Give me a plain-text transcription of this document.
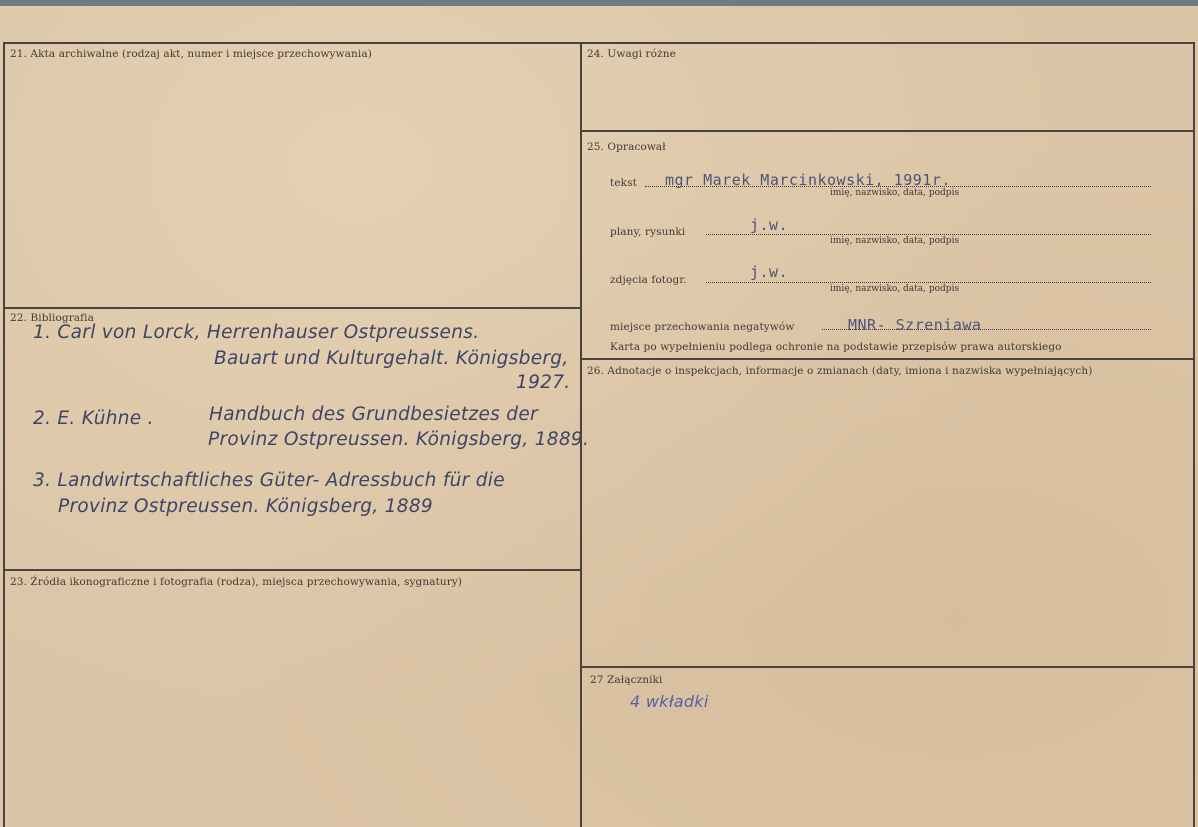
21. Akta archiwalne (rodzaj akt, numer i miejsce przechowywania)
22. Bibliografia
1. Carl von Lorck, Herrenhauser Ostpreussens.
Bauart und Kulturgehalt. Königsberg,
1927.
2. E. Kühne .	Handbuch des Grundbesietzes der
Provinz Ostpreussen. Königsberg, 1889.
3. Landwirtschaftliches Güter- Adressbuch für die
Provinz Ostpreussen. Königsberg, 1889
23. Źródła ikonograficzne i fotografia (rodza), miejsca przechowywania, sygnatury)
24. Uwagi różne
25. Opracował
tekst mgr Marek Marcinkowski, 1991r.
imię, nazwisko, data, podpis
plany, rysunki	j.w.
imię, nazwisko, data, podpis
zdjęcia fotogr.	j.w.
imię, nazwisko, data, podpis
miejsce przechowania negatywów	MNR- Szreniawa
Karta po wypełnieniu podlega ochronie na podstawie przepisów prawa autorskiego
26. Adnotacje o inspekcjach, informacje o zmianach (daty, imiona i nazwiska wypełniających)
27 Załączniki
4 wkładki
